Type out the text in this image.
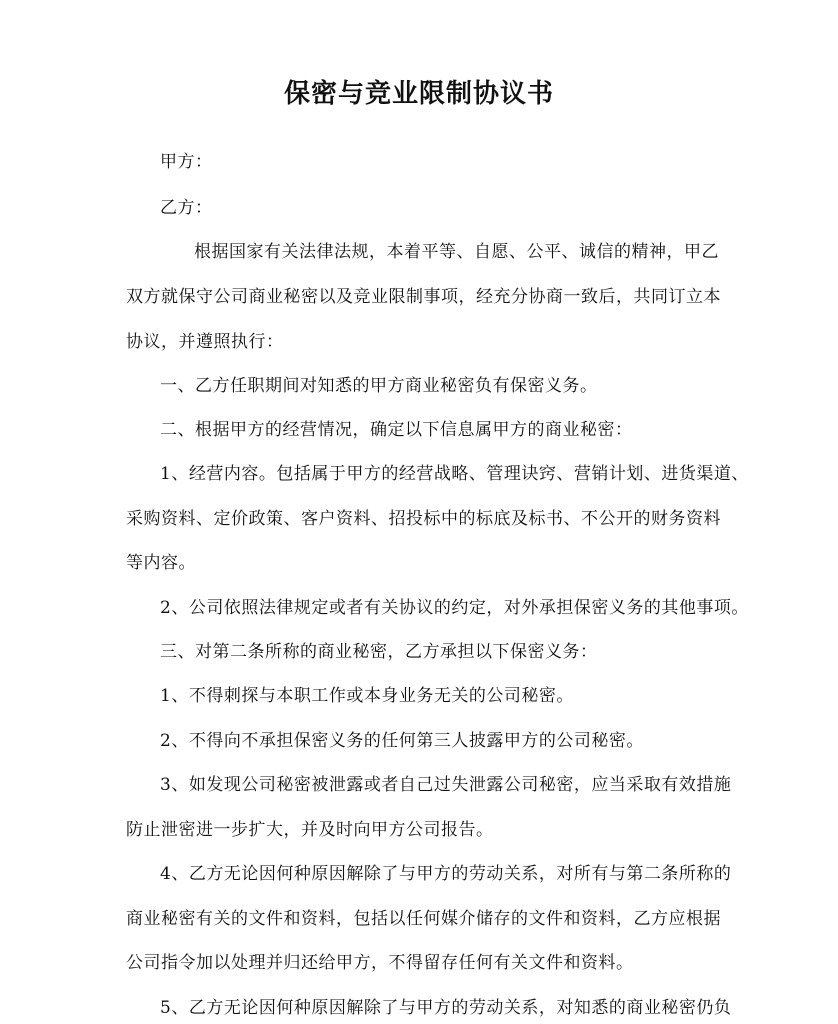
保密与竞业限制协议书
甲方：
乙方：
根据国家有关法律法规，本着平等、自愿、公平、诚信的精神，甲乙
双方就保守公司商业秘密以及竞业限制事项，经充分协商一致后，共同订立本
协议，并遵照执行：
一、乙方任职期间对知悉的甲方商业秘密负有保密义务。
二、根据甲方的经营情况，确定以下信息属甲方的商业秘密：
1、经营内容。包括属于甲方的经营战略、管理诀窍、营销计划、进货渠道、
采购资料、定价政策、客户资料、招投标中的标底及标书、不公开的财务资料
等内容。
2、公司依照法律规定或者有关协议的约定，对外承担保密义务的其他事项。
三、对第二条所称的商业秘密，乙方承担以下保密义务：
1、不得刺探与本职工作或本身业务无关的公司秘密。
2、不得向不承担保密义务的任何第三人披露甲方的公司秘密。
3、如发现公司秘密被泄露或者自己过失泄露公司秘密，应当采取有效措施
防止泄密进一步扩大，并及时向甲方公司报告。
4、乙方无论因何种原因解除了与甲方的劳动关系，对所有与第二条所称的
商业秘密有关的文件和资料，包括以任何媒介储存的文件和资料，乙方应根据
公司指令加以处理并归还给甲方，不得留存任何有关文件和资料。
5、乙方无论因何种原因解除了与甲方的劳动关系，对知悉的商业秘密仍负
